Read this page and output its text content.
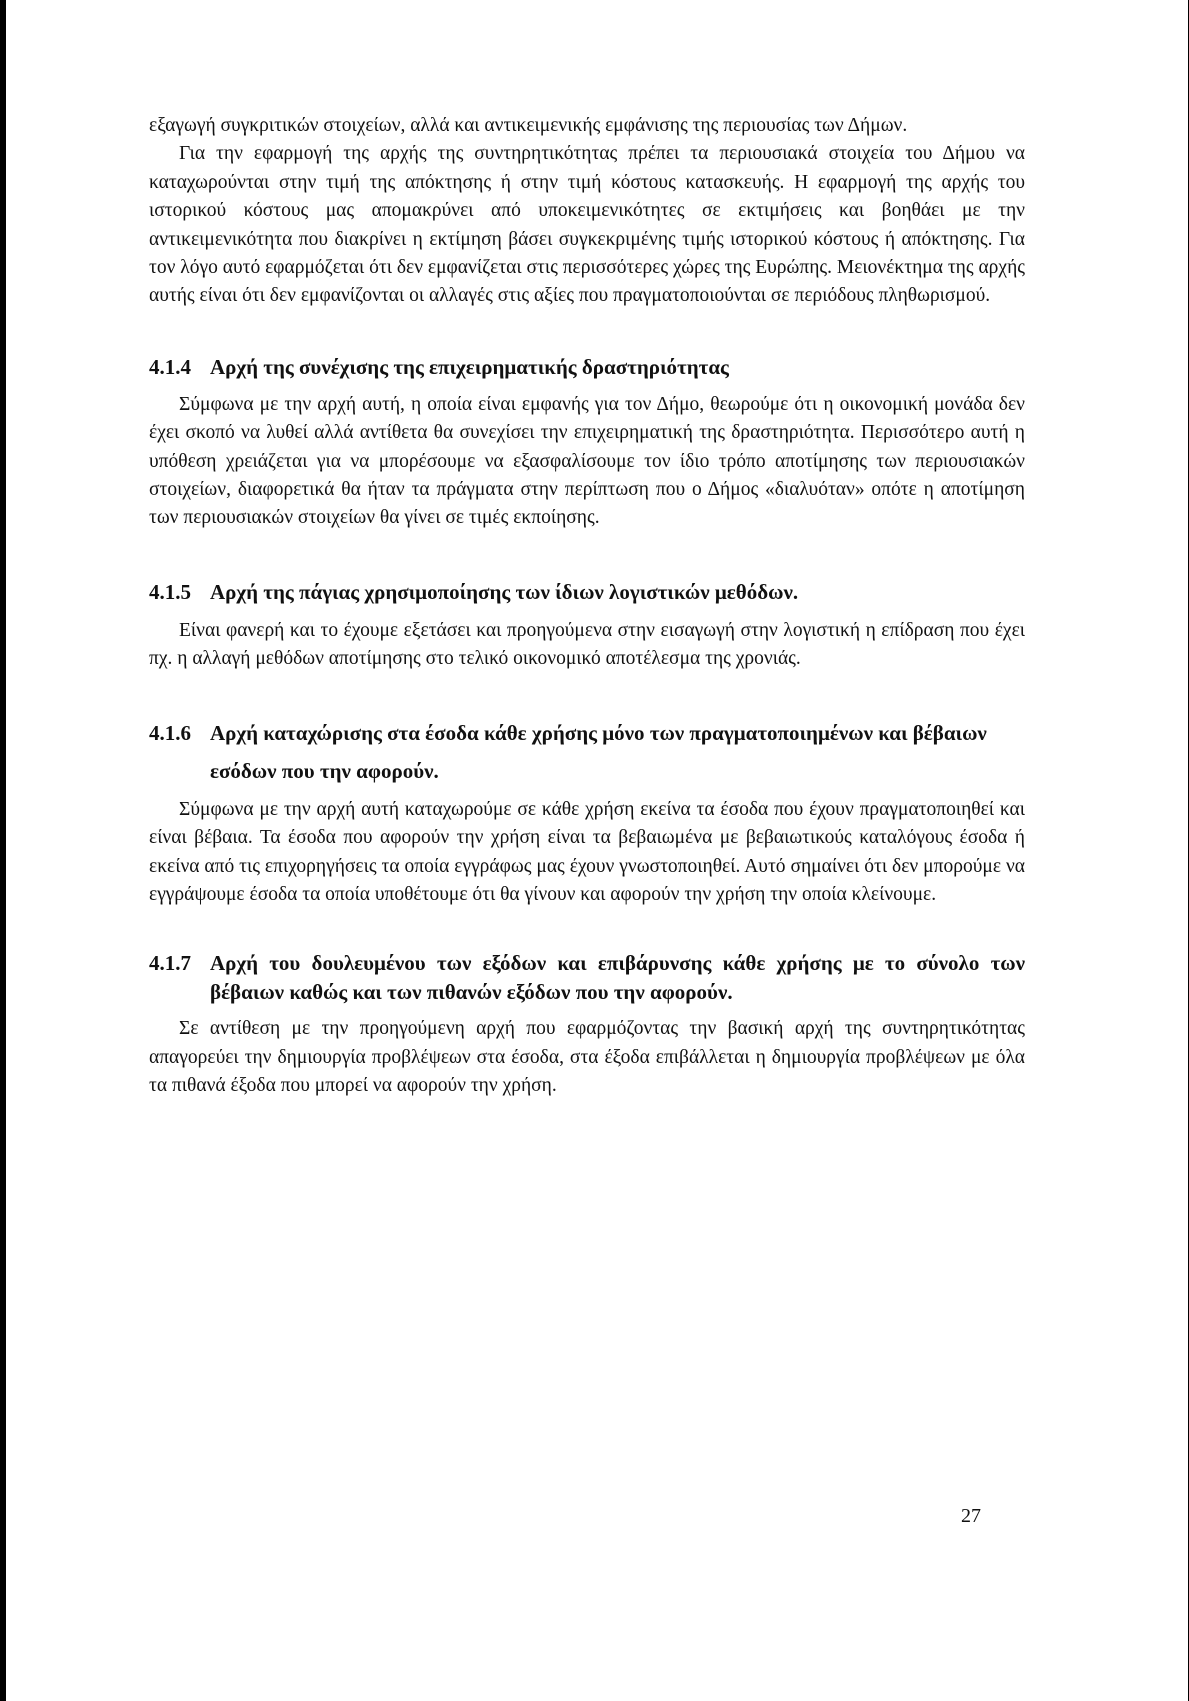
εξαγωγή συγκριτικών στοιχείων, αλλά και αντικειμενικής εμφάνισης της περιουσίας των Δήμων.

Για την εφαρμογή της αρχής της συντηρητικότητας πρέπει τα περιουσιακά στοιχεία του Δήμου να καταχωρούνται στην τιμή της απόκτησης ή στην τιμή κόστους κατασκευής. Η εφαρμογή της αρχής του ιστορικού κόστους μας απομακρύνει από υποκειμενικότητες σε εκτιμήσεις και βοηθάει με την αντικειμενικότητα που διακρίνει η εκτίμηση βάσει συγκεκριμένης τιμής ιστορικού κόστους ή απόκτησης. Για τον λόγο αυτό εφαρμόζεται ότι δεν εμφανίζεται στις περισσότερες χώρες της Ευρώπης. Μειονέκτημα της αρχής αυτής είναι ότι δεν εμφανίζονται οι αλλαγές στις αξίες που πραγματοποιούνται σε περιόδους πληθωρισμού.

4.1.4 Αρχή της συνέχισης της επιχειρηματικής δραστηριότητας

Σύμφωνα με την αρχή αυτή, η οποία είναι εμφανής για τον Δήμο, θεωρούμε ότι η οικονομική μονάδα δεν έχει σκοπό να λυθεί αλλά αντίθετα θα συνεχίσει την επιχειρηματική της δραστηριότητα. Περισσότερο αυτή η υπόθεση χρειάζεται για να μπορέσουμε να εξασφαλίσουμε τον ίδιο τρόπο αποτίμησης των περιουσιακών στοιχείων, διαφορετικά θα ήταν τα πράγματα στην περίπτωση που ο Δήμος «διαλυόταν» οπότε η αποτίμηση των περιουσιακών στοιχείων θα γίνει σε τιμές εκποίησης.

4.1.5 Αρχή της πάγιας χρησιμοποίησης των ίδιων λογιστικών μεθόδων.

Είναι φανερή και το έχουμε εξετάσει και προηγούμενα στην εισαγωγή στην λογιστική η επίδραση που έχει πχ. η αλλαγή μεθόδων αποτίμησης στο τελικό οικονομικό αποτέλεσμα της χρονιάς.

4.1.6 Αρχή καταχώρισης στα έσοδα κάθε χρήσης μόνο των πραγματοποιημένων και βέβαιων εσόδων που την αφορούν.

Σύμφωνα με την αρχή αυτή καταχωρούμε σε κάθε χρήση εκείνα τα έσοδα που έχουν πραγματοποιηθεί και είναι βέβαια. Τα έσοδα που αφορούν την χρήση είναι τα βεβαιωμένα με βεβαιωτικούς καταλόγους έσοδα ή εκείνα από τις επιχορηγήσεις τα οποία εγγράφως μας έχουν γνωστοποιηθεί. Αυτό σημαίνει ότι δεν μπορούμε να εγγράψουμε έσοδα τα οποία υποθέτουμε ότι θα γίνουν και αφορούν την χρήση την οποία κλείνουμε.

4.1.7 Αρχή του δουλευμένου των εξόδων και επιβάρυνσης κάθε χρήσης με το σύνολο των βέβαιων καθώς και των πιθανών εξόδων που την αφορούν.

Σε αντίθεση με την προηγούμενη αρχή που εφαρμόζοντας την βασική αρχή της συντηρητικότητας απαγορεύει την δημιουργία προβλέψεων στα έσοδα, στα έξοδα επιβάλλεται η δημιουργία προβλέψεων με όλα τα πιθανά έξοδα που μπορεί να αφορούν την χρήση.

27
